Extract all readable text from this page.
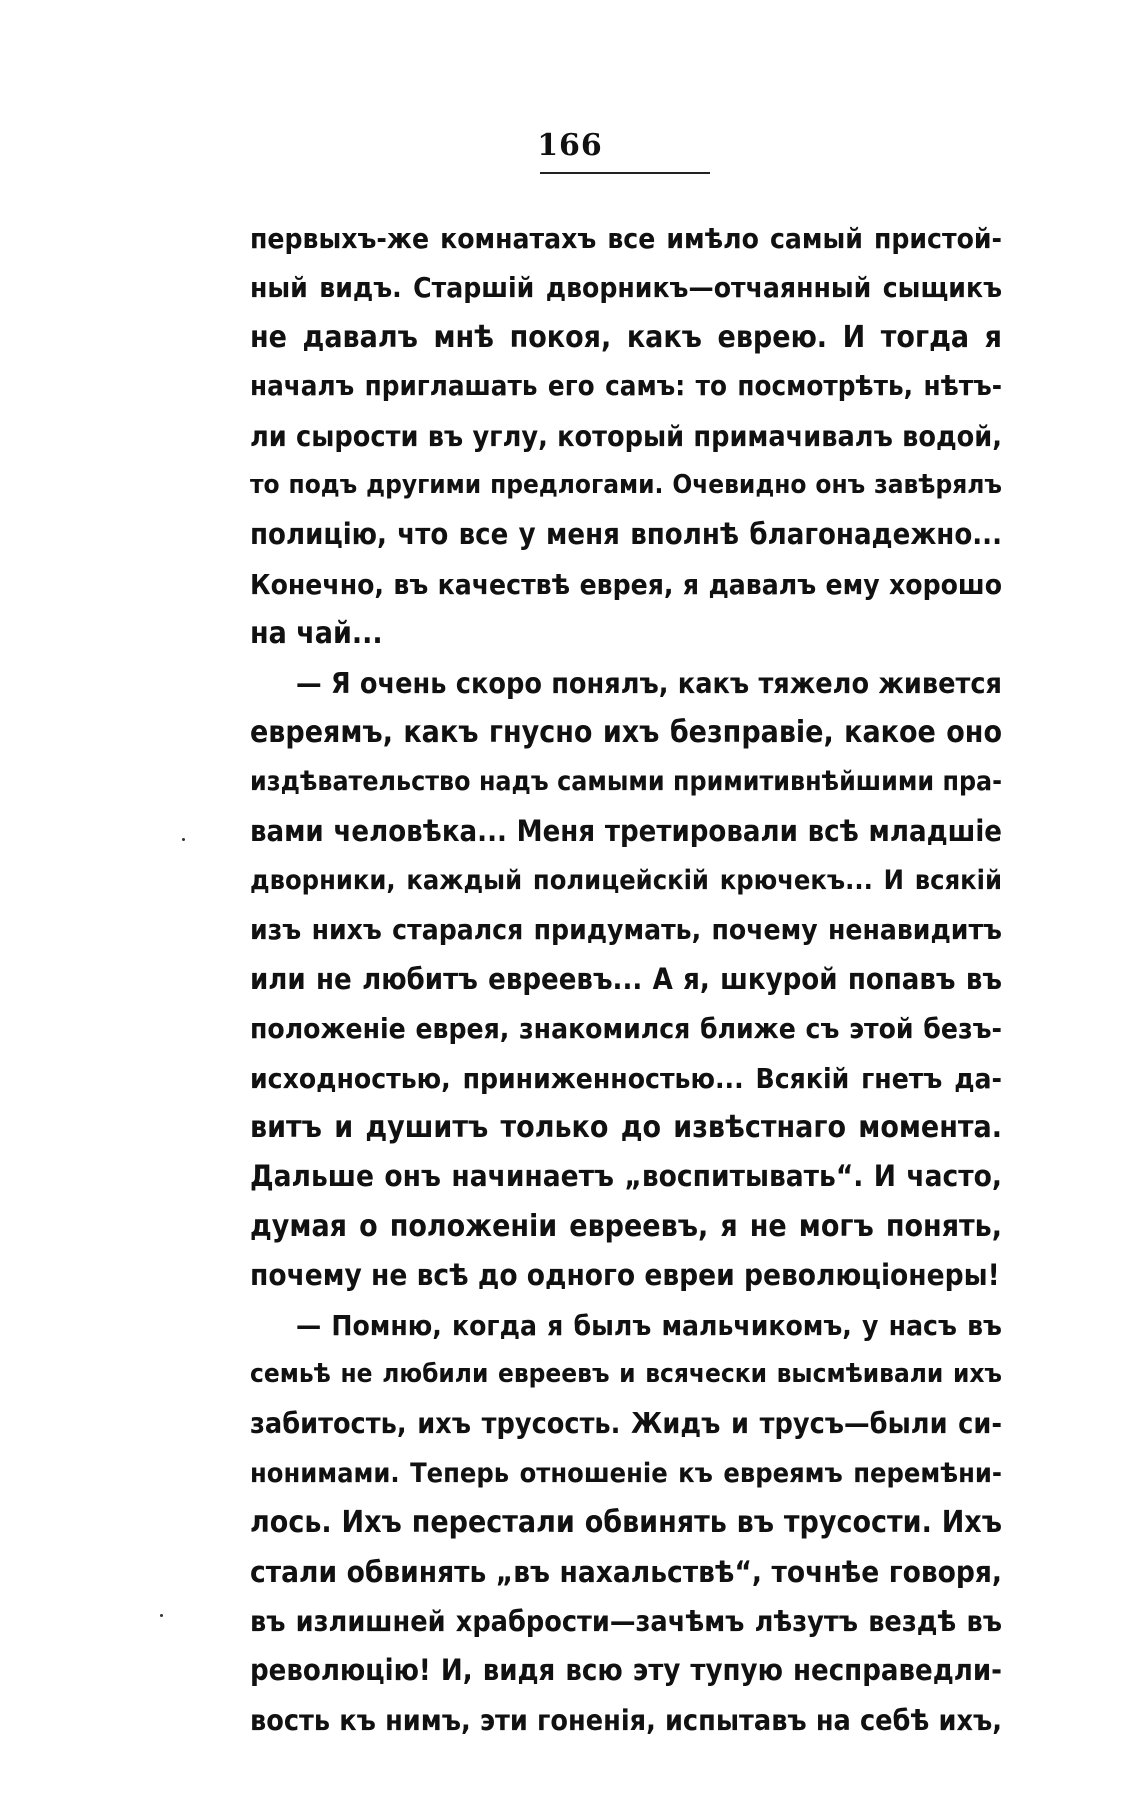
166
первыхъ-же комнатахъ все имѣло самый пристой-
ный видъ. Старшій дворникъ—отчаянный сыщикъ
не давалъ мнѣ покоя, какъ еврею. И тогда я
началъ приглашать его самъ: то посмотрѣть, нѣтъ-
ли сырости въ углу, который примачивалъ водой,
то подъ другими предлогами. Очевидно онъ завѣрялъ
полицію, что все у меня вполнѣ благонадежно...
Конечно, въ качествѣ еврея, я давалъ ему хорошо
на чай...
— Я очень скоро понялъ, какъ тяжело живется
евреямъ, какъ гнусно ихъ безправіе, какое оно
издѣвательство надъ самыми примитивнѣйшими пра-
вами человѣка... Меня третировали всѣ младшіе
дворники, каждый полицейскій крючекъ... И всякій
изъ нихъ старался придумать, почему ненавидитъ
или не любитъ евреевъ... А я, шкурой попавъ въ
положеніе еврея, знакомился ближе съ этой безъ-
исходностью, приниженностью... Всякій гнетъ да-
витъ и душитъ только до извѣстнаго момента.
Дальше онъ начинаетъ „воспитывать“. И часто,
думая о положеніи евреевъ, я не могъ понять,
почему не всѣ до одного евреи революціонеры!
— Помню, когда я былъ мальчикомъ, у насъ въ
семьѣ не любили евреевъ и всячески высмѣивали ихъ
забитость, ихъ трусость. Жидъ и трусъ—были си-
нонимами. Теперь отношеніе къ евреямъ перемѣни-
лось. Ихъ перестали обвинять въ трусости. Ихъ
стали обвинять „въ нахальствѣ“, точнѣе говоря,
въ излишней храбрости—зачѣмъ лѣзутъ вездѣ въ
революцію! И, видя всю эту тупую несправедли-
вость къ нимъ, эти гоненія, испытавъ на себѣ ихъ,
